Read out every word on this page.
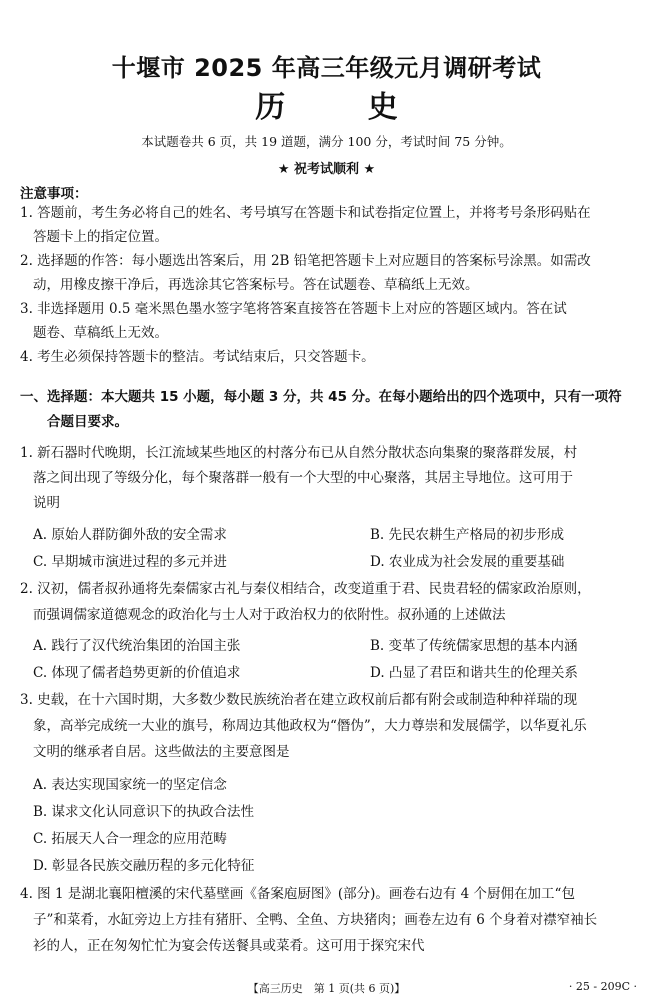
十堰市 2025 年高三年级元月调研考试
历 史
本试题卷共 6 页，共 19 道题，满分 100 分，考试时间 75 分钟。
★ 祝考试顺利 ★
注意事项：
1. 答题前，考生务必将自己的姓名、考号填写在答题卡和试卷指定位置上，并将考号条形码贴在
答题卡上的指定位置。
2. 选择题的作答：每小题选出答案后，用 2B 铅笔把答题卡上对应题目的答案标号涂黑。如需改
动，用橡皮擦干净后，再选涂其它答案标号。答在试题卷、草稿纸上无效。
3. 非选择题用 0.5 毫米黑色墨水签字笔将答案直接答在答题卡上对应的答题区域内。答在试
题卷、草稿纸上无效。
4. 考生必须保持答题卡的整洁。考试结束后，只交答题卡。
一、选择题：本大题共 15 小题，每小题 3 分，共 45 分。在每小题给出的四个选项中，只有一项符
合题目要求。
1. 新石器时代晚期，长江流域某些地区的村落分布已从自然分散状态向集聚的聚落群发展，村
落之间出现了等级分化，每个聚落群一般有一个大型的中心聚落，其居主导地位。这可用于
说明
A. 原始人群防御外敌的安全需求	B. 先民农耕生产格局的初步形成
C. 早期城市演进过程的多元并进	D. 农业成为社会发展的重要基础
2. 汉初，儒者叔孙通将先秦儒家古礼与秦仪相结合，改变道重于君、民贵君轻的儒家政治原则，
而强调儒家道德观念的政治化与士人对于政治权力的依附性。叔孙通的上述做法
A. 践行了汉代统治集团的治国主张	B. 变革了传统儒家思想的基本内涵
C. 体现了儒者趋势更新的价值追求	D. 凸显了君臣和谐共生的伦理关系
3. 史载，在十六国时期，大多数少数民族统治者在建立政权前后都有附会或制造种种祥瑞的现
象，高举完成统一大业的旗号，称周边其他政权为“僭伪”，大力尊崇和发展儒学，以华夏礼乐
文明的继承者自居。这些做法的主要意图是
A. 表达实现国家统一的坚定信念
B. 谋求文化认同意识下的执政合法性
C. 拓展天人合一理念的应用范畴
D. 彰显各民族交融历程的多元化特征
4. 图 1 是湖北襄阳檀溪的宋代墓壁画《备案庖厨图》(部分)。画卷右边有 4 个厨佣在加工“包
子”和菜肴，水缸旁边上方挂有猪肝、全鸭、全鱼、方块猪肉；画卷左边有 6 个身着对襟窄袖长
衫的人，正在匆匆忙忙为宴会传送餐具或菜肴。这可用于探究宋代
【高三历史　第 1 页(共 6 页)】	· 25 - 209C ·
